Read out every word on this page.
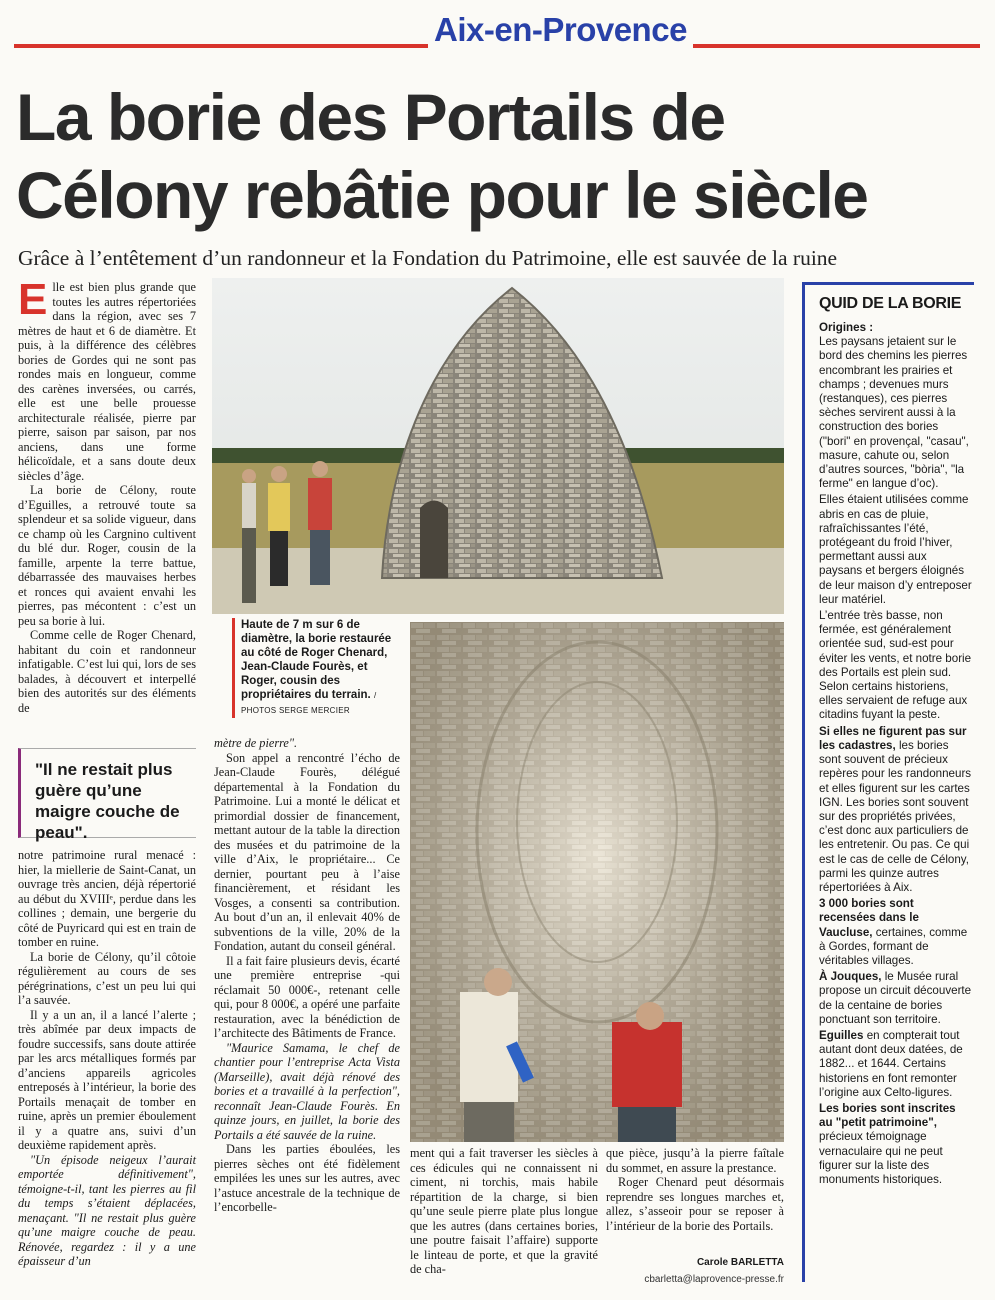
Aix-en-Provence
La borie des Portails de
Célony rebâtie pour le siècle
Grâce à l’entêtement d’un randonneur et la Fondation du Patrimoine, elle est sauvée de la ruine

Elle est bien plus grande que toutes les autres répertoriées dans la région, avec ses 7 mètres de haut et 6 de diamètre. Et puis, à la différence des célèbres bories de Gordes qui ne sont pas rondes mais en longueur, comme des carènes inversées, ou carrés, elle est une belle prouesse architecturale réalisée, pierre par pierre, saison par saison, par nos anciens, dans une forme hélicoïdale, et a sans doute deux siècles d’âge.

La borie de Célony, route d’Eguilles, a retrouvé toute sa splendeur et sa solide vigueur, dans ce champ où les Cargnino cultivent du blé dur. Roger, cousin de la famille, arpente la terre battue, débarrassée des mauvaises herbes et ronces qui avaient envahi les pierres, pas mécontent : c’est un peu sa borie à lui.

Comme celle de Roger Chenard, habitant du coin et randonneur infatigable. C’est lui qui, lors de ses balades, à découvert et interpellé bien des autorités sur des éléments de

"Il ne restait plus guère qu’une maigre couche de peau".

notre patrimoine rural menacé : hier, la miellerie de Saint-Canat, un ouvrage très ancien, déjà répertorié au début du XVIIIᵉ, perdue dans les collines ; demain, une bergerie du côté de Puyricard qui est en train de tomber en ruine.

La borie de Célony, qu’il côtoie régulièrement au cours de ses pérégrinations, c’est un peu lui qui l’a sauvée.

Il y a un an, il a lancé l’alerte ; très abîmée par deux impacts de foudre successifs, sans doute attirée par les arcs métalliques formés par d’anciens appareils agricoles entreposés à l’intérieur, la borie des Portails menaçait de tomber en ruine, après un premier éboulement il y a quatre ans, suivi d’un deuxième rapidement après.

"Un épisode neigeux l’aurait emportée définitivement", témoigne-t-il, tant les pierres au fil du temps s’étaient déplacées, menaçant. "Il ne restait plus guère qu’une maigre couche de peau. Rénovée, regardez : il y a une épaisseur d’un

Haute de 7 m sur 6 de diamètre, la borie restaurée au côté de Roger Chenard, Jean-Claude Fourès, et Roger, cousin des propriétaires du terrain. / PHOTOS SERGE MERCIER

mètre de pierre".

Son appel a rencontré l’écho de Jean-Claude Fourès, délégué départemental à la Fondation du Patrimoine. Lui a monté le délicat et primordial dossier de financement, mettant autour de la table la direction des musées et du patrimoine de la ville d’Aix, le propriétaire... Ce dernier, pourtant peu à l’aise financièrement, et résidant les Vosges, a consenti sa contribution. Au bout d’un an, il enlevait 40% de subventions de la ville, 20% de la Fondation, autant du conseil général.

Il a fait faire plusieurs devis, écarté une première entreprise -qui réclamait 50 000€-, retenant celle qui, pour 8 000€, a opéré une parfaite restauration, avec la bénédiction de l’architecte des Bâtiments de France.

"Maurice Samama, le chef de chantier pour l’entreprise Acta Vista (Marseille), avait déjà rénové des bories et a travaillé à la perfection", reconnaît Jean-Claude Fourès. En quinze jours, en juillet, la borie des Portails a été sauvée de la ruine.

Dans les parties éboulées, les pierres sèches ont été fidèlement empilées les unes sur les autres, avec l’astuce ancestrale de la technique de l’encorbelle-

ment qui a fait traverser les siècles à ces édicules qui ne connaissent ni ciment, ni torchis, mais habile répartition de la charge, si bien qu’une seule pierre plate plus longue que les autres (dans certaines bories, une poutre faisait l’affaire) supporte le linteau de porte, et que la gravité de cha-

que pièce, jusqu’à la pierre faîtale du sommet, en assure la prestance.

Roger Chenard peut désormais reprendre ses longues marches et, allez, s’asseoir pour se reposer à l’intérieur de la borie des Portails.

Carole BARLETTA
cbarletta@laprovence-presse.fr
QUID DE LA BORIE

Origines :
Les paysans jetaient sur le bord des chemins les pierres encombrant les prairies et champs ; devenues murs (restanques), ces pierres sèches servirent aussi à la construction des bories ("bori" en provençal, "casau", masure, cahute ou, selon d’autres sources, "bòria", "la ferme" en langue d’oc).

Elles étaient utilisées comme abris en cas de pluie, rafraîchissantes l’été, protégeant du froid l’hiver, permettant aussi aux paysans et bergers éloignés de leur maison d’y entreposer leur matériel.

L’entrée très basse, non fermée, est généralement orientée sud, sud-est pour éviter les vents, et notre borie des Portails est plein sud. Selon certains historiens, elles servaient de refuge aux citadins fuyant la peste.

Si elles ne figurent pas sur les cadastres, les bories sont souvent de précieux repères pour les randonneurs et elles figurent sur les cartes IGN. Les bories sont souvent sur des propriétés privées, c’est donc aux particuliers de les entretenir. Ou pas. Ce qui est le cas de celle de Célony, parmi les quinze autres répertoriées à Aix.

3 000 bories sont recensées dans le Vaucluse, certaines, comme à Gordes, formant de véritables villages.

À Jouques, le Musée rural propose un circuit découverte de la centaine de bories ponctuant son territoire.

Eguilles en compterait tout autant dont deux datées, de 1882... et 1644. Certains historiens en font remonter l’origine aux Celto-ligures.

Les bories sont inscrites au "petit patrimoine", précieux témoignage vernaculaire qui ne peut figurer sur la liste des monuments historiques.
